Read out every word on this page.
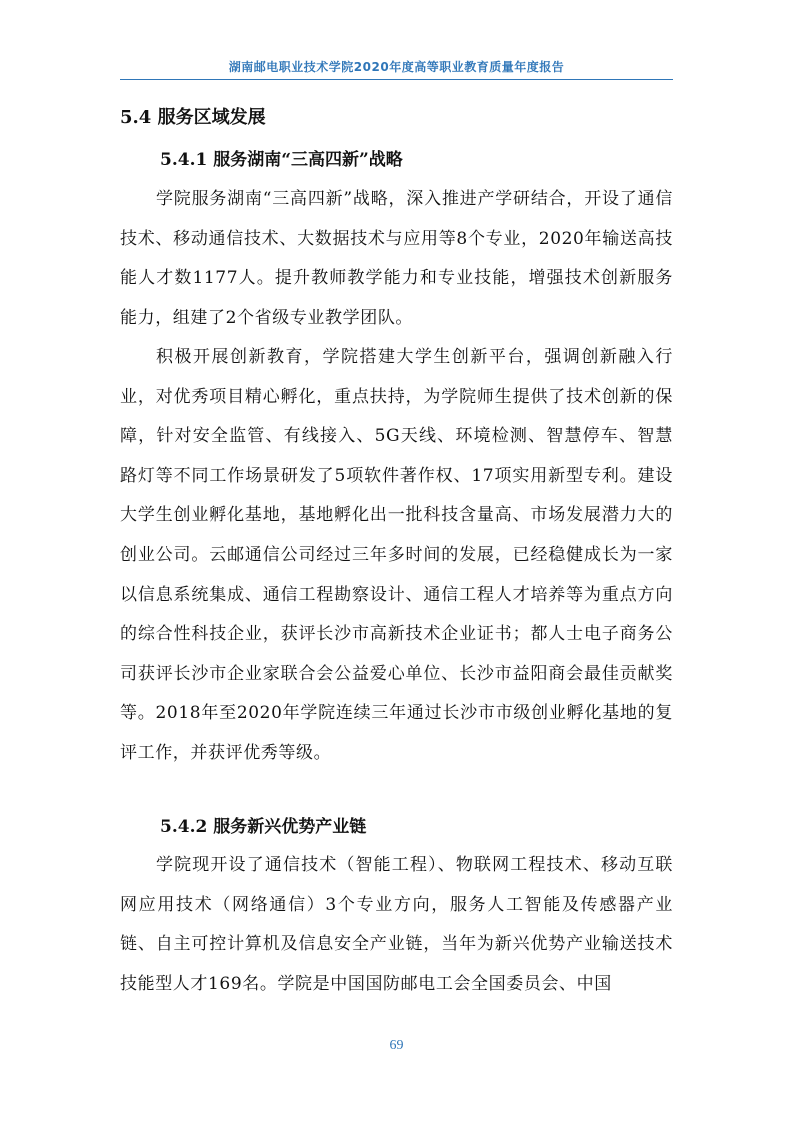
湖南邮电职业技术学院2020年度高等职业教育质量年度报告
5.4 服务区域发展
5.4.1 服务湖南“三高四新”战略
学院服务湖南“三高四新”战略，深入推进产学研结合，开设了通信技术、移动通信技术、大数据技术与应用等8个专业，2020年输送高技能人才数1177人。提升教师教学能力和专业技能，增强技术创新服务能力，组建了2个省级专业教学团队。
积极开展创新教育，学院搭建大学生创新平台，强调创新融入行业，对优秀项目精心孵化，重点扶持，为学院师生提供了技术创新的保障，针对安全监管、有线接入、5G天线、环境检测、智慧停车、智慧路灯等不同工作场景研发了5项软件著作权、17项实用新型专利。建设大学生创业孵化基地，基地孵化出一批科技含量高、市场发展潜力大的创业公司。云邮通信公司经过三年多时间的发展，已经稳健成长为一家以信息系统集成、通信工程勘察设计、通信工程人才培养等为重点方向的综合性科技企业，获评长沙市高新技术企业证书；都人士电子商务公司获评长沙市企业家联合会公益爱心单位、长沙市益阳商会最佳贡献奖等。2018年至2020年学院连续三年通过长沙市市级创业孵化基地的复评工作，并获评优秀等级。
5.4.2 服务新兴优势产业链
学院现开设了通信技术（智能工程）、物联网工程技术、移动互联网应用技术（网络通信）3个专业方向，服务人工智能及传感器产业链、自主可控计算机及信息安全产业链，当年为新兴优势产业输送技术技能型人才169名。学院是中国国防邮电工会全国委员会、中国
69
